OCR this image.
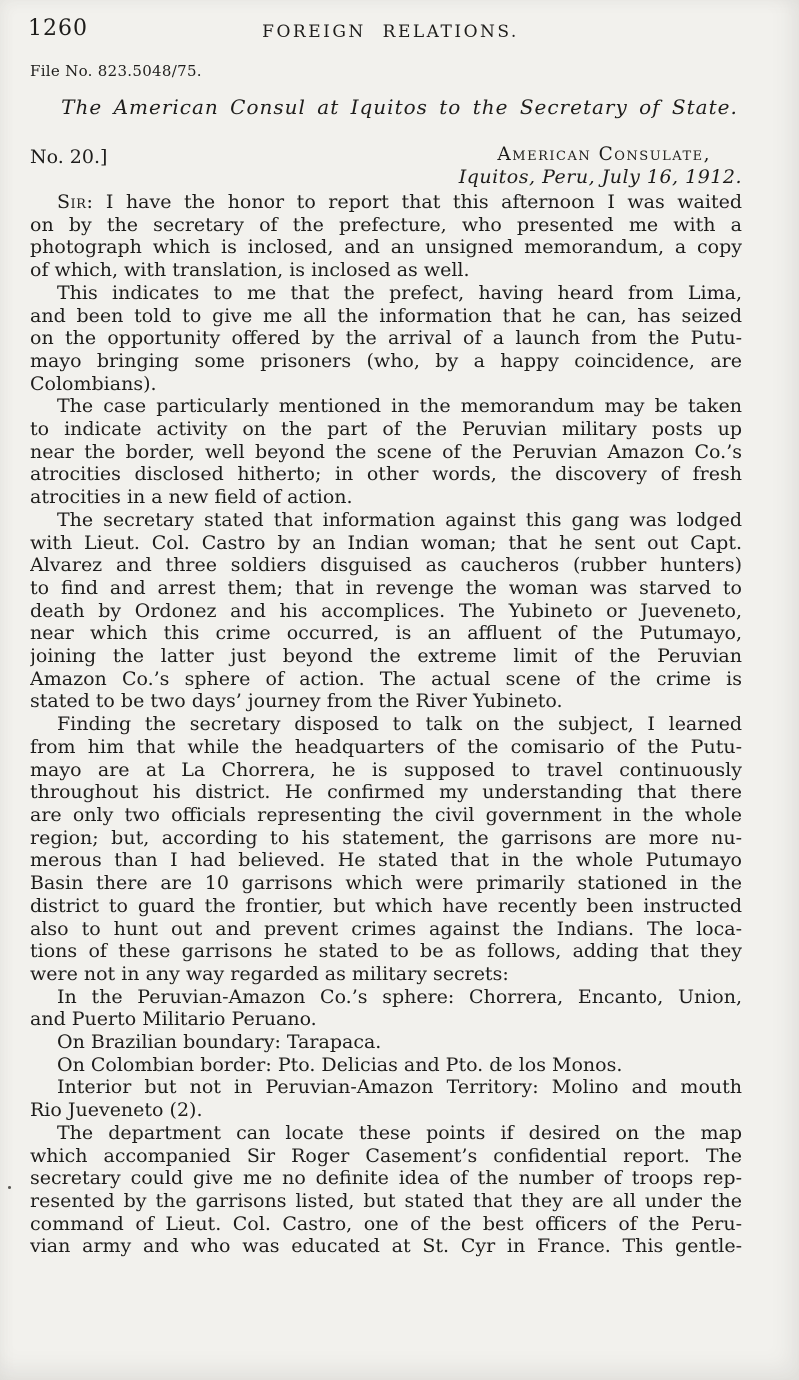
1260	FOREIGN RELATIONS.
File No. 823.5048/75.
The American Consul at Iquitos to the Secretary of State.
No. 20.]	American Consulate,
Iquitos, Peru, July 16, 1912.

Sir: I have the honor to report that this afternoon I was waited
on by the secretary of the prefecture, who presented me with a
photograph which is inclosed, and an unsigned memorandum, a copy
of which, with translation, is inclosed as well.

This indicates to me that the prefect, having heard from Lima,
and been told to give me all the information that he can, has seized
on the opportunity offered by the arrival of a launch from the Putu-
mayo bringing some prisoners (who, by a happy coincidence, are
Colombians).

The case particularly mentioned in the memorandum may be taken
to indicate activity on the part of the Peruvian military posts up
near the border, well beyond the scene of the Peruvian Amazon Co.’s
atrocities disclosed hitherto; in other words, the discovery of fresh
atrocities in a new field of action.

The secretary stated that information against this gang was lodged
with Lieut. Col. Castro by an Indian woman; that he sent out Capt.
Alvarez and three soldiers disguised as caucheros (rubber hunters)
to find and arrest them; that in revenge the woman was starved to
death by Ordonez and his accomplices. The Yubineto or Jueveneto,
near which this crime occurred, is an affluent of the Putumayo,
joining the latter just beyond the extreme limit of the Peruvian
Amazon Co.’s sphere of action. The actual scene of the crime is
stated to be two days’ journey from the River Yubineto.

Finding the secretary disposed to talk on the subject, I learned
from him that while the headquarters of the comisario of the Putu-
mayo are at La Chorrera, he is supposed to travel continuously
throughout his district. He confirmed my understanding that there
are only two officials representing the civil government in the whole
region; but, according to his statement, the garrisons are more nu-
merous than I had believed. He stated that in the whole Putumayo
Basin there are 10 garrisons which were primarily stationed in the
district to guard the frontier, but which have recently been instructed
also to hunt out and prevent crimes against the Indians. The loca-
tions of these garrisons he stated to be as follows, adding that they
were not in any way regarded as military secrets:

In the Peruvian-Amazon Co.’s sphere: Chorrera, Encanto, Union,
and Puerto Militario Peruano.

On Brazilian boundary: Tarapaca.

On Colombian border: Pto. Delicias and Pto. de los Monos.

Interior but not in Peruvian-Amazon Territory: Molino and mouth
Rio Jueveneto (2).

The department can locate these points if desired on the map
which accompanied Sir Roger Casement’s confidential report. The
secretary could give me no definite idea of the number of troops rep-
resented by the garrisons listed, but stated that they are all under the
command of Lieut. Col. Castro, one of the best officers of the Peru-
vian army and who was educated at St. Cyr in France. This gentle-
